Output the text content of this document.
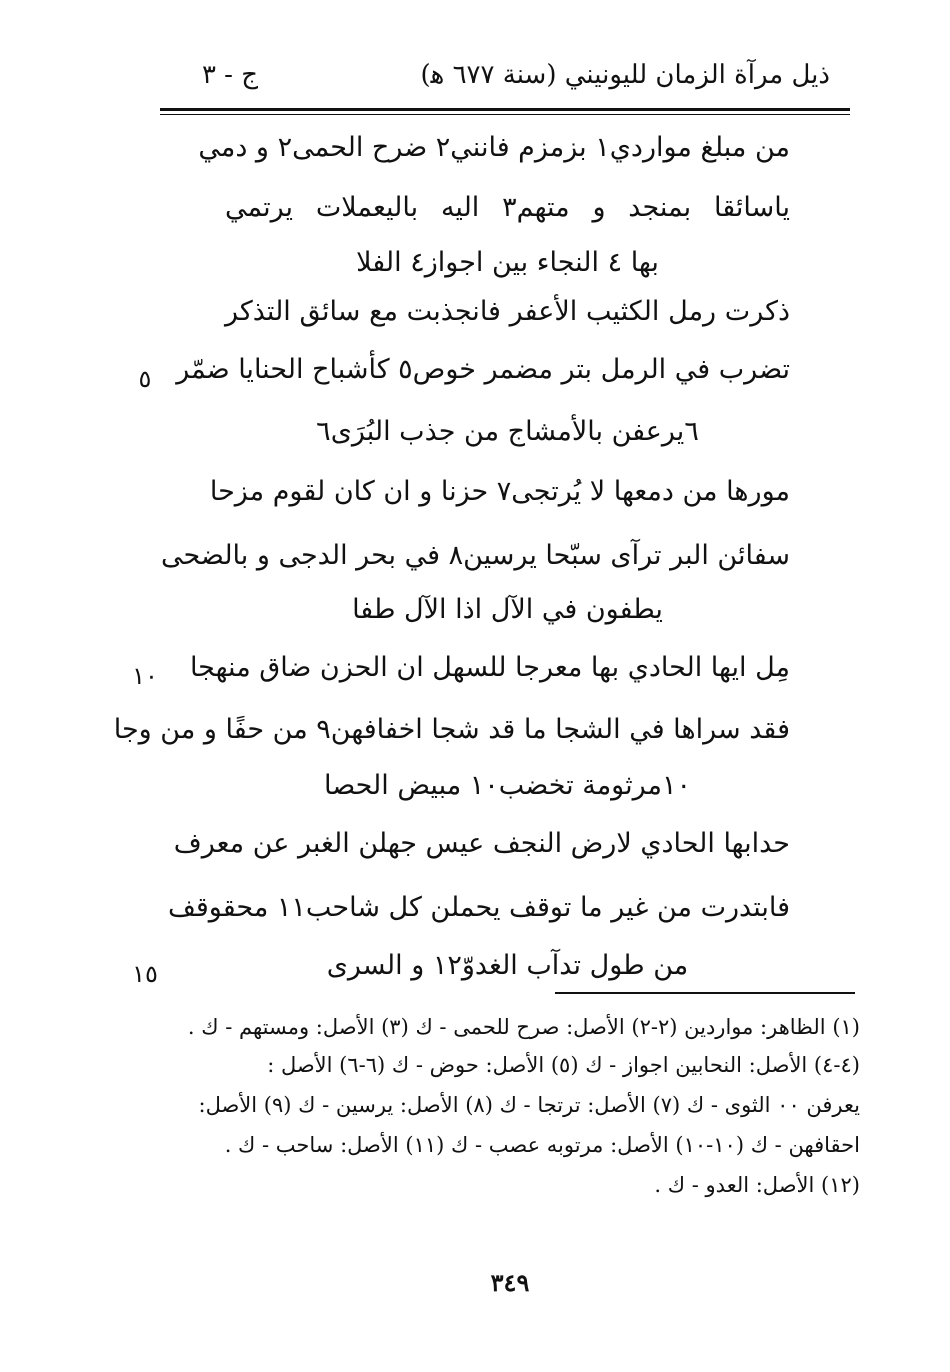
ذيل مرآة الزمان لليونيني (سنة ٦٧٧ ﻫ)
ج - ٣
من مبلغ مواردي١ بزمزم فانني٢ ضرح الحمى٢ و دمي
ياسائقا بمنجد و متهم٣ اليه باليعملات يرتمي
بها ٤ النجاء بين اجواز٤ الفلا
ذكرت رمل الكثيب الأعفر فانجذبت مع سائق التذكر
تضرب في الرمل بتر مضمر خوص٥ كأشباح الحنايا ضمّر
٦يرعفن بالأمشاج من جذب البُرَى٦
مورها من دمعها لا يُرتجى٧ حزنا و ان كان لقوم مزحا
سفائن البر ترآى سبّحا يرسين٨ في بحر الدجى و بالضحى
يطفون في الآل اذا الآل طفا
مِل ايها الحادي بها معرجا للسهل ان الحزن ضاق منهجا
فقد سراها في الشجا ما قد شجا اخفافهن٩ من حفًا و من وجا
١٠مرثومة تخضب١٠ مبيض الحصا
حدابها الحادي لارض النجف عيس جهلن الغبر عن معرف
فابتدرت من غير ما توقف يحملن كل شاحب١١ محقوقف
من طول تدآب الغدوّ١٢ و السرى
٥
١٠
١٥
(١) الظاهر: مواردين (٢-٢) الأصل: صرح للحمى - ك (٣) الأصل: ومستهم - ك .
(٤-٤) الأصل: النحابين اجواز - ك (٥) الأصل: حوض - ك (٦-٦) الأصل :
يعرفن ٠٠ الثوى - ك (٧) الأصل: ترتجا - ك (٨) الأصل: يرسين - ك (٩) الأصل:
احقافهن - ك (١٠-١٠) الأصل: مرتوبه عصب - ك (١١) الأصل: ساحب - ك .
(١٢) الأصل: العدو - ك .
٣٤٩
